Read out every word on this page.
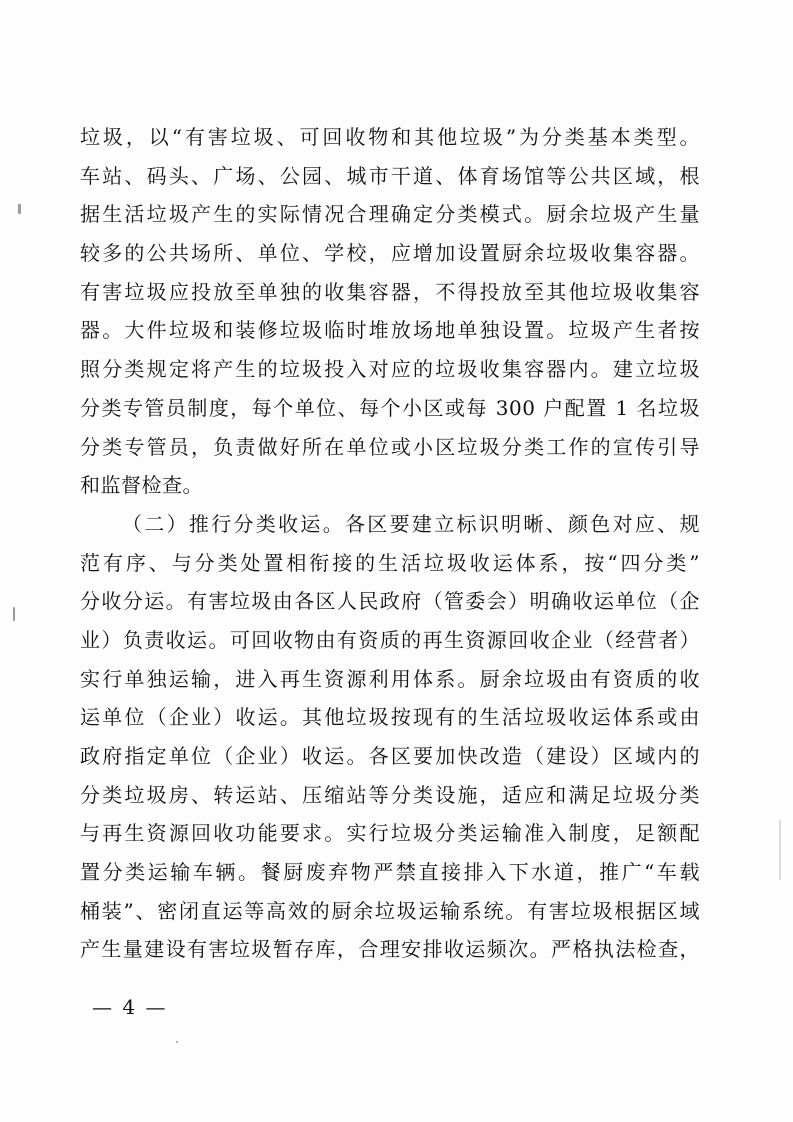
垃圾，以“有害垃圾、可回收物和其他垃圾”为分类基本类型。
车站、码头、广场、公园、城市干道、体育场馆等公共区域，根
据生活垃圾产生的实际情况合理确定分类模式。厨余垃圾产生量
较多的公共场所、单位、学校，应增加设置厨余垃圾收集容器。
有害垃圾应投放至单独的收集容器，不得投放至其他垃圾收集容
器。大件垃圾和装修垃圾临时堆放场地单独设置。垃圾产生者按
照分类规定将产生的垃圾投入对应的垃圾收集容器内。建立垃圾
分类专管员制度，每个单位、每个小区或每 300 户配置 1 名垃圾
分类专管员，负责做好所在单位或小区垃圾分类工作的宣传引导
和监督检查。
（二）推行分类收运。各区要建立标识明晰、颜色对应、规
范有序、与分类处置相衔接的生活垃圾收运体系，按“四分类”
分收分运。有害垃圾由各区人民政府（管委会）明确收运单位（企
业）负责收运。可回收物由有资质的再生资源回收企业（经营者）
实行单独运输，进入再生资源利用体系。厨余垃圾由有资质的收
运单位（企业）收运。其他垃圾按现有的生活垃圾收运体系或由
政府指定单位（企业）收运。各区要加快改造（建设）区域内的
分类垃圾房、转运站、压缩站等分类设施，适应和满足垃圾分类
与再生资源回收功能要求。实行垃圾分类运输准入制度，足额配
置分类运输车辆。餐厨废弃物严禁直接排入下水道，推广“车载
桶装”、密闭直运等高效的厨余垃圾运输系统。有害垃圾根据区域
产生量建设有害垃圾暂存库，合理安排收运频次。严格执法检查，
— 4 —
